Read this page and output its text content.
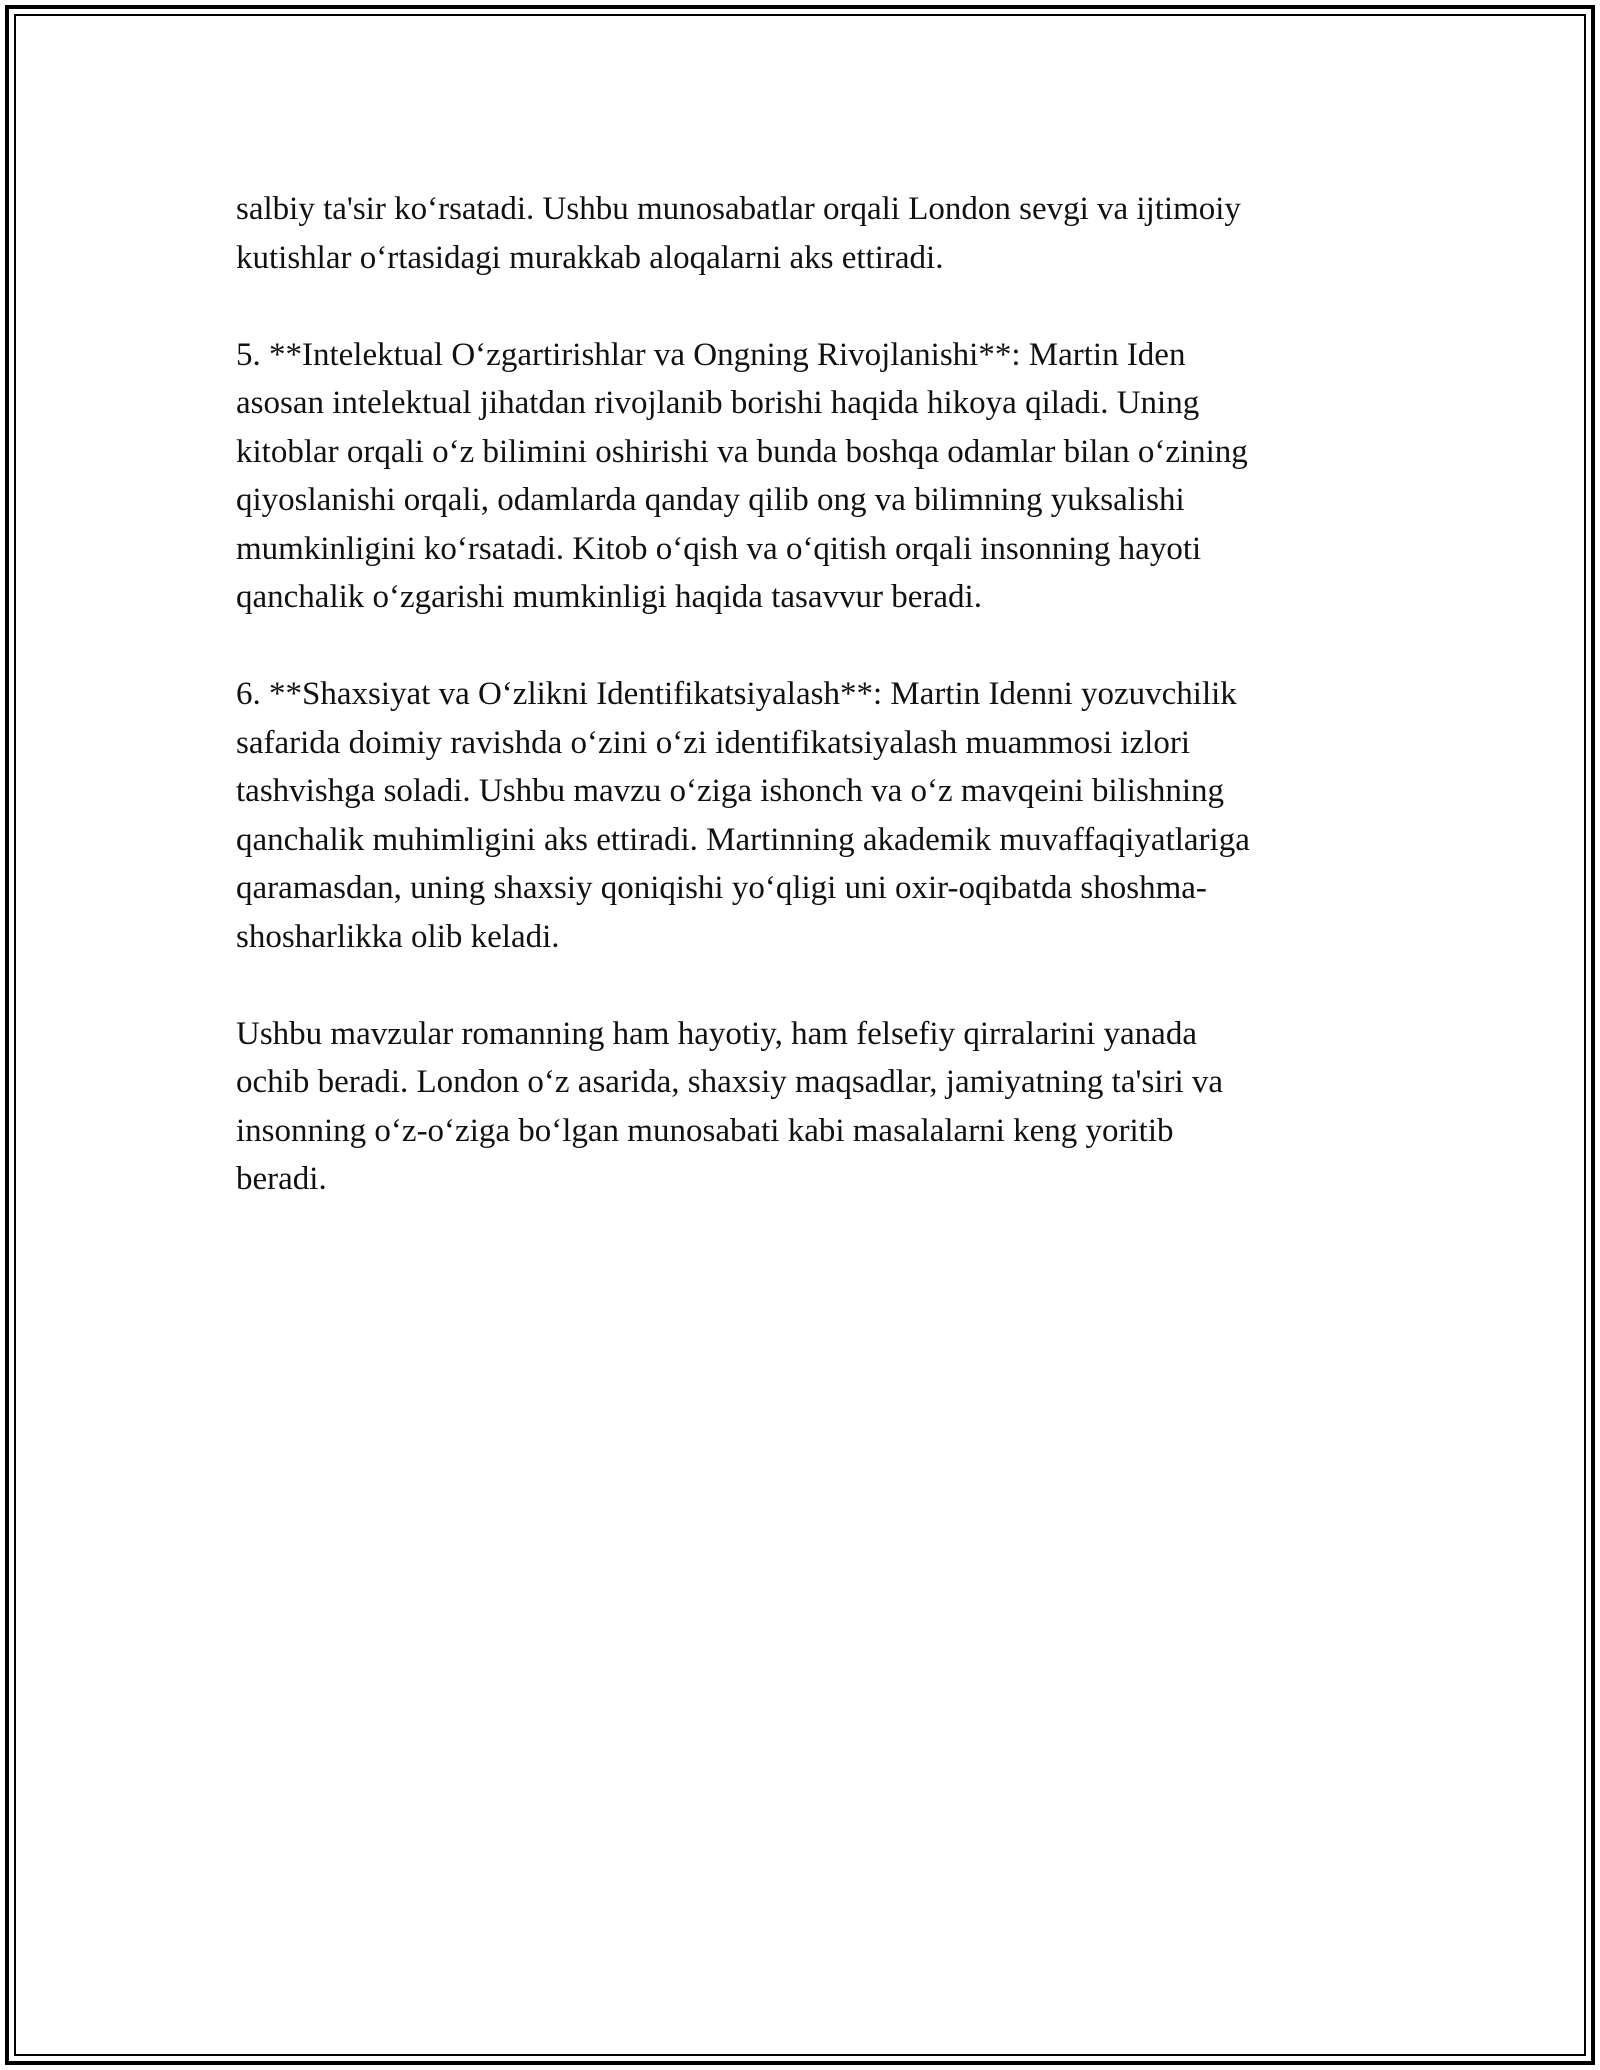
salbiy ta'sir ko‘rsatadi. Ushbu munosabatlar orqali London sevgi va ijtimoiy
kutishlar o‘rtasidagi murakkab aloqalarni aks ettiradi.

5. **Intelektual O‘zgartirishlar va Ongning Rivojlanishi**: Martin Iden
asosan intelektual jihatdan rivojlanib borishi haqida hikoya qiladi. Uning
kitoblar orqali o‘z bilimini oshirishi va bunda boshqa odamlar bilan o‘zining
qiyoslanishi orqali, odamlarda qanday qilib ong va bilimning yuksalishi
mumkinligini ko‘rsatadi. Kitob o‘qish va o‘qitish orqali insonning hayoti
qanchalik o‘zgarishi mumkinligi haqida tasavvur beradi.

6. **Shaxsiyat va O‘zlikni Identifikatsiyalash**: Martin Idenni yozuvchilik
safarida doimiy ravishda o‘zini o‘zi identifikatsiyalash muammosi izlori
tashvishga soladi. Ushbu mavzu o‘ziga ishonch va o‘z mavqeini bilishning
qanchalik muhimligini aks ettiradi. Martinning akademik muvaffaqiyatlariga
qaramasdan, uning shaxsiy qoniqishi yo‘qligi uni oxir-oqibatda shoshma-
shosharlikka olib keladi.

Ushbu mavzular romanning ham hayotiy, ham felsefiy qirralarini yanada
ochib beradi. London o‘z asarida, shaxsiy maqsadlar, jamiyatning ta'siri va
insonning o‘z-o‘ziga bo‘lgan munosabati kabi masalalarni keng yoritib
beradi.
